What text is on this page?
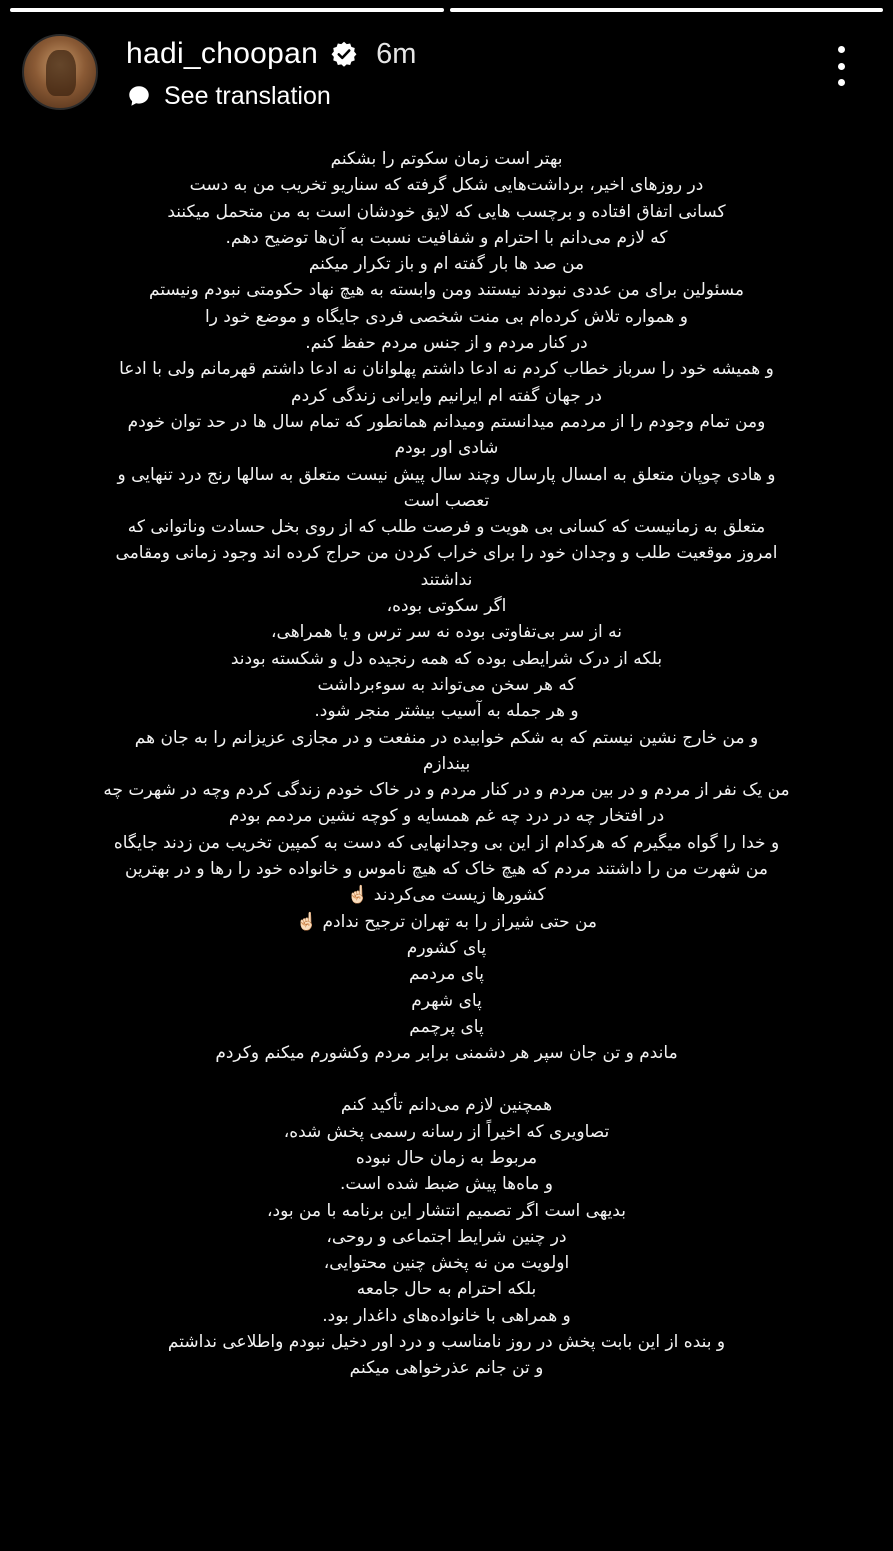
hadi_choopan 6m
See translation
بهتر است زمان سکوتم را بشکنم
در روزهای اخیر، برداشت‌هایی شکل گرفته که سناریو تخریب من به دست
کسانی اتفاق افتاده و برچسب هایی که لایق خودشان است به من متحمل میکنند
که لازم می‌دانم با احترام و شفافیت نسبت به آن‌ها توضیح دهم.
من صد ها بار گفته ام و باز تکرار میکنم
مسئولین برای من عددی نبودند نیستند ومن وابسته به هیچ نهاد حکومتی نبودم ونیستم
و همواره تلاش کرده‌ام بی منت شخصی فردی جایگاه و موضع خود را
در کنار مردم و از جنس مردم حفظ کنم.
و همیشه خود را سرباز خطاب کردم نه ادعا داشتم پهلوانان نه ادعا داشتم قهرمانم ولی با ادعا
در جهان گفته ام ایرانیم وایرانی زندگی کردم
ومن تمام وجودم را از مردمم میدانستم ومیدانم همانطور که تمام سال ها در حد توان خودم
شادی اور بودم
و هادی چوپان متعلق به امسال پارسال وچند سال پیش نیست متعلق به سالها رنج درد تنهایی و
تعصب است
متعلق به زمانیست که کسانی بی هویت و فرصت طلب که از روی بخل حسادت وناتوانی که
امروز موقعیت طلب و وجدان خود را برای خراب کردن من حراج کرده اند وجود زمانی ومقامی
نداشتند
اگر سکوتی بوده،
نه از سر بی‌تفاوتی بوده نه سر ترس و یا همراهی،
بلکه از درک شرایطی بوده که همه رنجیده دل و شکسته بودند
که هر سخن می‌تواند به سوءبرداشت
و هر جمله به آسیب بیشتر منجر شود.
و من خارج نشین نیستم که به شکم خوابیده در منفعت و در مجازی عزیزانم را به جان هم
بیندازم
من یک نفر از مردم و در بین مردم و در کنار مردم و در خاک خودم زندگی کردم وچه در شهرت چه
در افتخار چه در درد چه غم همسایه و کوچه نشین مردمم بودم
و خدا را گواه میگیرم که هرکدام از این بی وجدانهایی که دست به کمپین تخریب من زدند جایگاه
من شهرت من را داشتند مردم که هیچ خاک که هیچ ناموس و خانواده خود را رها و در بهترین
کشورها زیست می‌کردند ☝🏻
من حتی شیراز را به تهران ترجیح ندادم ☝🏻
پای کشورم
پای مردمم
پای شهرم
پای پرچمم
ماندم و تن جان سپر هر دشمنی برابر مردم وکشورم میکنم وکردم
همچنین لازم می‌دانم تأکید کنم
تصاویری که اخیراً از رسانه رسمی پخش شده،
مربوط به زمان حال نبوده
و ماه‌ها پیش ضبط شده است.
بدیهی است اگر تصمیم انتشار این برنامه با من بود،
در چنین شرایط اجتماعی و روحی،
اولویت من نه پخش چنین محتوایی،
بلکه احترام به حال جامعه
و همراهی با خانواده‌های داغدار بود.
و بنده از این بابت پخش در روز نامناسب و درد اور دخیل نبودم واطلاعی نداشتم
و تن جانم عذرخواهی میکنم
